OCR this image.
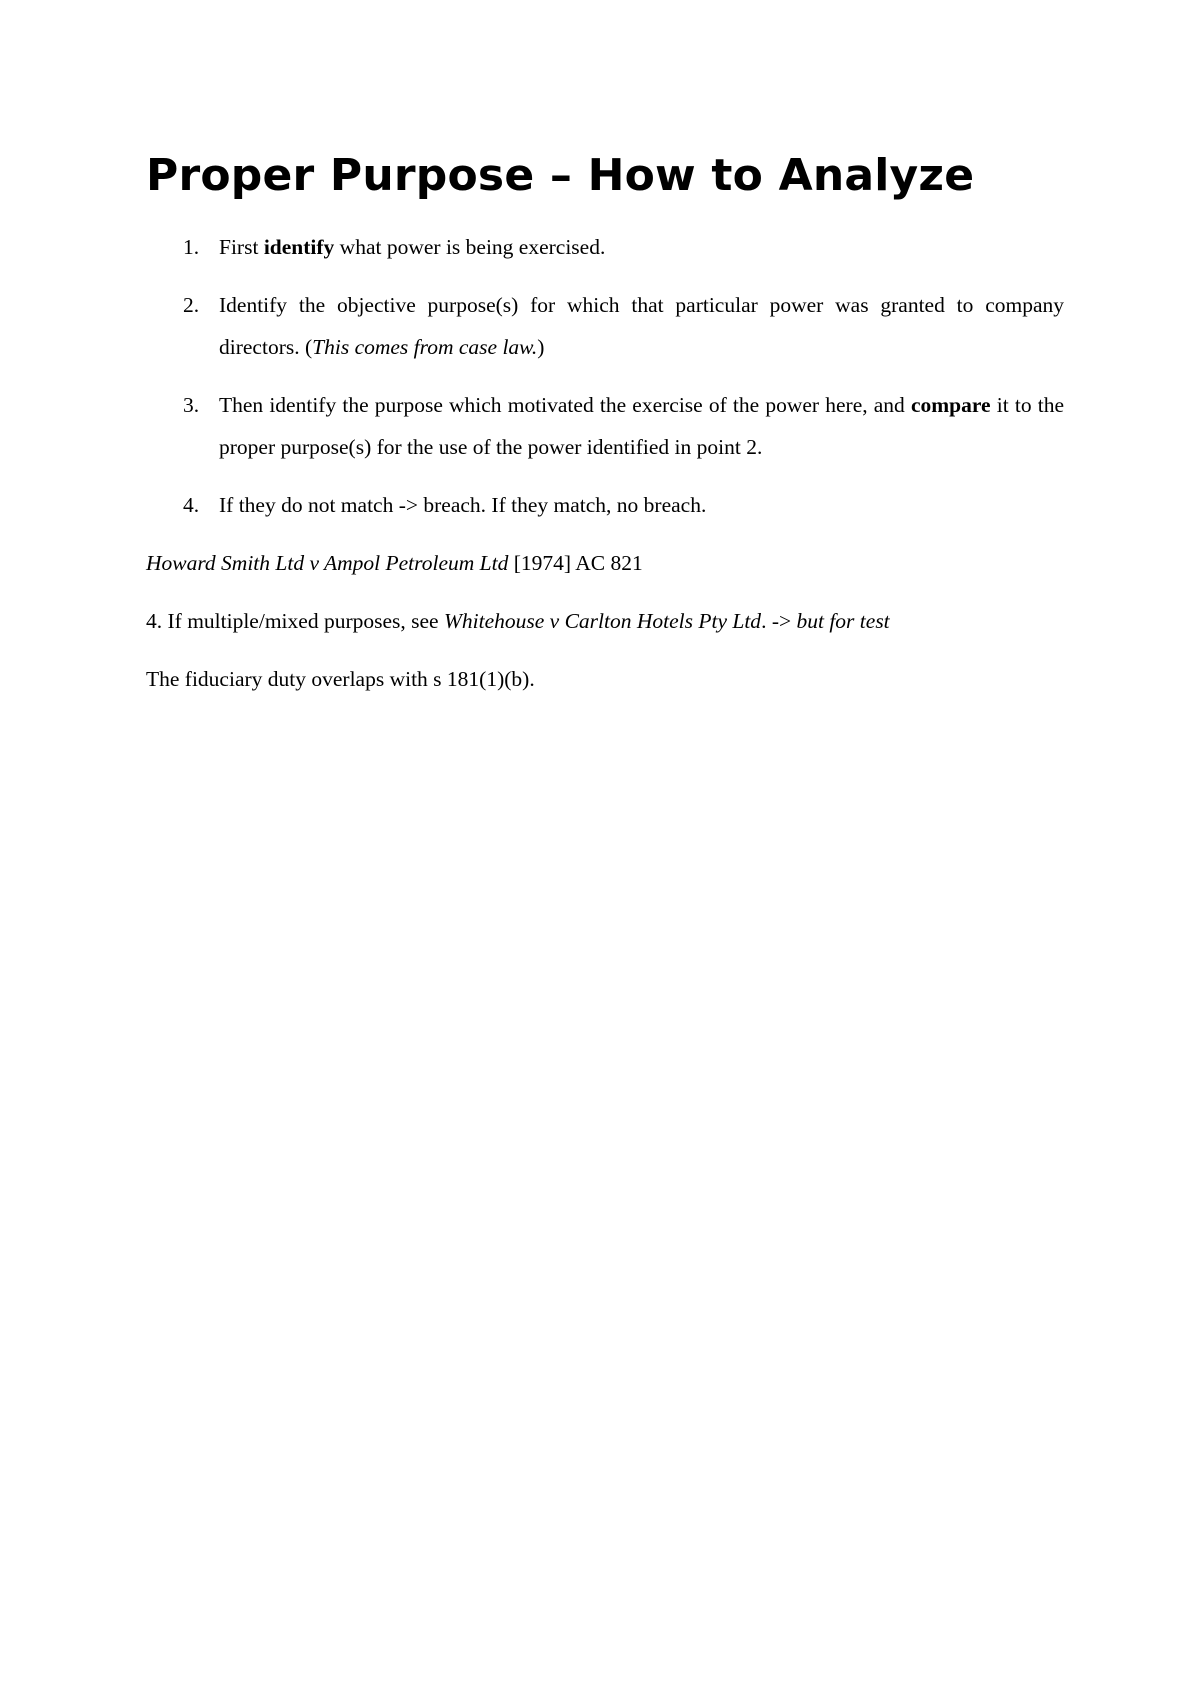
Proper Purpose – How to Analyze
1. First identify what power is being exercised.
2. Identify the objective purpose(s) for which that particular power was granted to company directors. (This comes from case law.)
3. Then identify the purpose which motivated the exercise of the power here, and compare it to the proper purpose(s) for the use of the power identified in point 2.
4. If they do not match -> breach. If they match, no breach.

Howard Smith Ltd v Ampol Petroleum Ltd [1974] AC 821

4. If multiple/mixed purposes, see Whitehouse v Carlton Hotels Pty Ltd. -> but for test

The fiduciary duty overlaps with s 181(1)(b).
